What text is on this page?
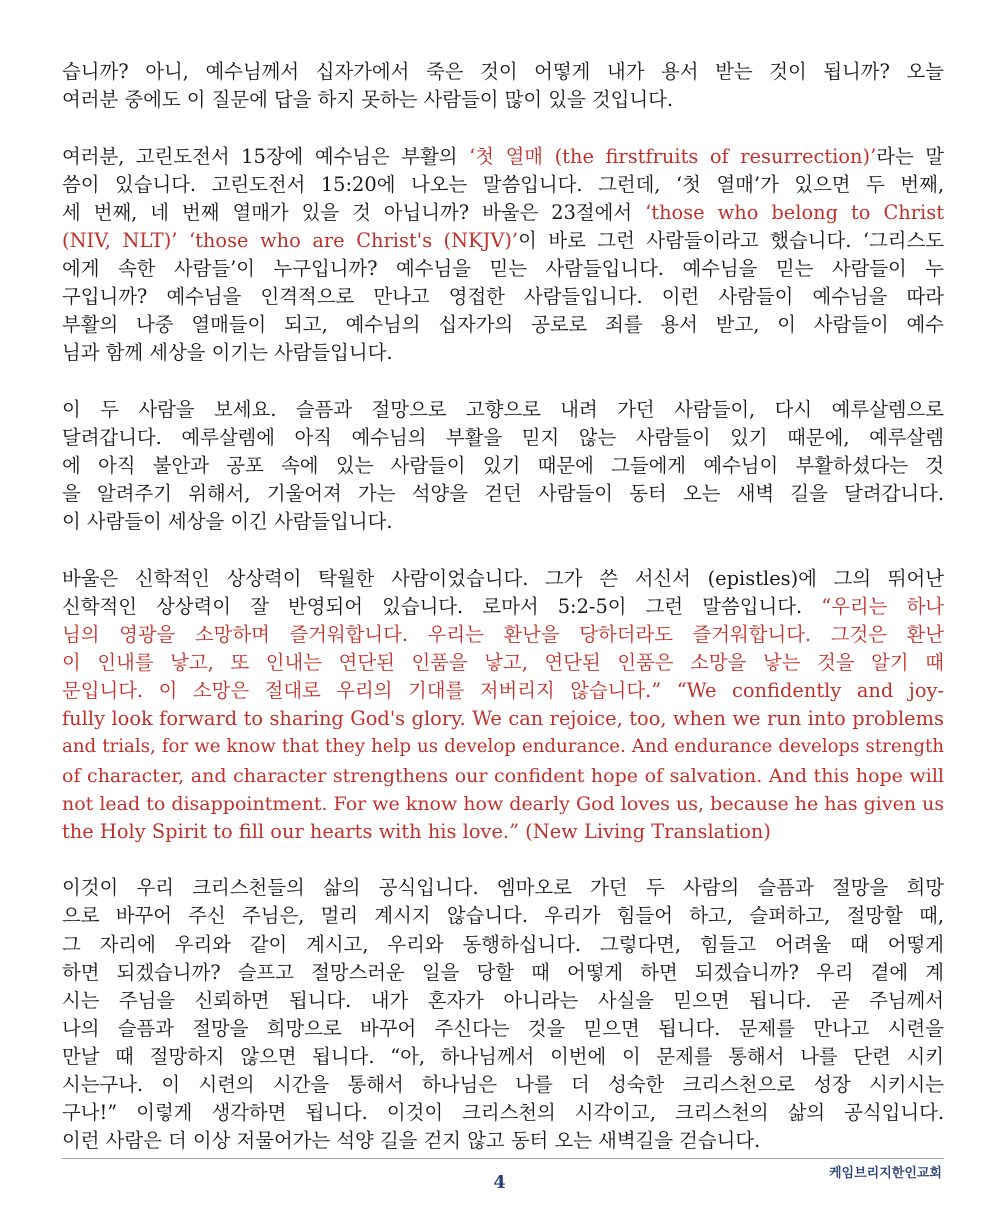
습니까? 아니, 예수님께서 십자가에서 죽은 것이 어떻게 내가 용서 받는 것이 됩니까? 오늘
여러분 중에도 이 질문에 답을 하지 못하는 사람들이 많이 있을 것입니다.
여러분, 고린도전서 15장에 예수님은 부활의 ‘첫 열매 (the firstfruits of resurrection)’라는 말
씀이 있습니다. 고린도전서 15:20에 나오는 말씀입니다. 그런데, ‘첫 열매’가 있으면 두 번째,
세 번째, 네 번째 열매가 있을 것 아닙니까? 바울은 23절에서 ‘those who belong to Christ
(NIV, NLT)’ ‘those who are Christ's (NKJV)’이 바로 그런 사람들이라고 했습니다. ‘그리스도
에게 속한 사람들’이 누구입니까? 예수님을 믿는 사람들입니다. 예수님을 믿는 사람들이 누
구입니까? 예수님을 인격적으로 만나고 영접한 사람들입니다. 이런 사람들이 예수님을 따라
부활의 나중 열매들이 되고, 예수님의 십자가의 공로로 죄를 용서 받고, 이 사람들이 예수
님과 함께 세상을 이기는 사람들입니다.
이 두 사람을 보세요. 슬픔과 절망으로 고향으로 내려 가던 사람들이, 다시 예루살렘으로
달려갑니다. 예루살렘에 아직 예수님의 부활을 믿지 않는 사람들이 있기 때문에, 예루살렘
에 아직 불안과 공포 속에 있는 사람들이 있기 때문에 그들에게 예수님이 부활하셨다는 것
을 알려주기 위해서, 기울어져 가는 석양을 걷던 사람들이 동터 오는 새벽 길을 달려갑니다.
이 사람들이 세상을 이긴 사람들입니다.
바울은 신학적인 상상력이 탁월한 사람이었습니다. 그가 쓴 서신서 (epistles)에 그의 뛰어난
신학적인 상상력이 잘 반영되어 있습니다. 로마서 5:2-5이 그런 말씀입니다. “우리는 하나
님의 영광을 소망하며 즐거워합니다. 우리는 환난을 당하더라도 즐거워합니다. 그것은 환난
이 인내를 낳고, 또 인내는 연단된 인품을 낳고, 연단된 인품은 소망을 낳는 것을 알기 때
문입니다. 이 소망은 절대로 우리의 기대를 저버리지 않습니다.” “We confidently and joy-
fully look forward to sharing God's glory. We can rejoice, too, when we run into problems
and trials, for we know that they help us develop endurance. And endurance develops strength
of character, and character strengthens our confident hope of salvation. And this hope will
not lead to disappointment. For we know how dearly God loves us, because he has given us
the Holy Spirit to fill our hearts with his love.” (New Living Translation)
이것이 우리 크리스천들의 삶의 공식입니다. 엠마오로 가던 두 사람의 슬픔과 절망을 희망
으로 바꾸어 주신 주님은, 멀리 계시지 않습니다. 우리가 힘들어 하고, 슬퍼하고, 절망할 때,
그 자리에 우리와 같이 계시고, 우리와 동행하십니다. 그렇다면, 힘들고 어려울 때 어떻게
하면 되겠습니까? 슬프고 절망스러운 일을 당할 때 어떻게 하면 되겠습니까? 우리 곁에 계
시는 주님을 신뢰하면 됩니다. 내가 혼자가 아니라는 사실을 믿으면 됩니다. 곧 주님께서
나의 슬픔과 절망을 희망으로 바꾸어 주신다는 것을 믿으면 됩니다. 문제를 만나고 시련을
만날 때 절망하지 않으면 됩니다. “아, 하나님께서 이번에 이 문제를 통해서 나를 단련 시키
시는구나. 이 시련의 시간을 통해서 하나님은 나를 더 성숙한 크리스천으로 성장 시키시는
구나!” 이렇게 생각하면 됩니다. 이것이 크리스천의 시각이고, 크리스천의 삶의 공식입니다.
이런 사람은 더 이상 저물어가는 석양 길을 걷지 않고 동터 오는 새벽길을 걷습니다.
4	케임브리지한인교회
